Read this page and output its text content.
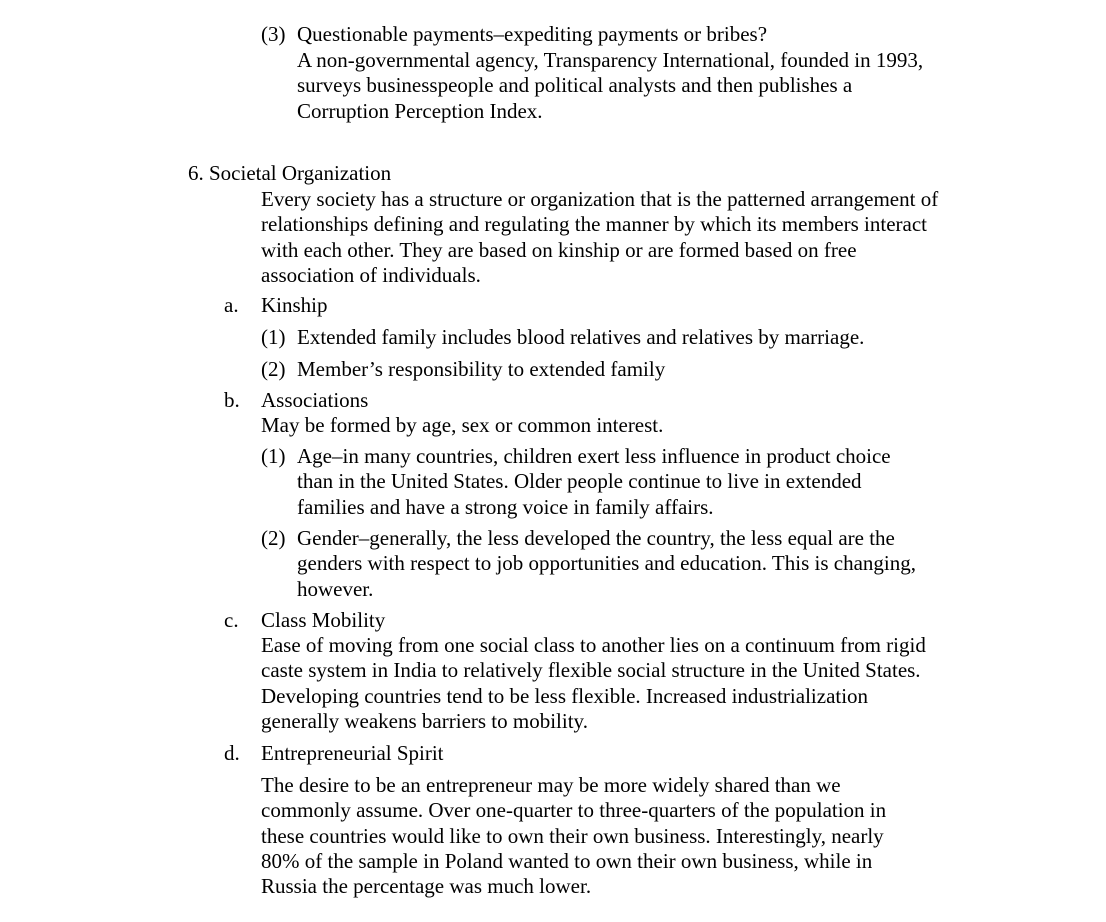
(3) Questionable payments–expediting payments or bribes?
A non-governmental agency, Transparency International, founded in 1993, surveys businesspeople and political analysts and then publishes a Corruption Perception Index.
6. Societal Organization
Every society has a structure or organization that is the patterned arrangement of relationships defining and regulating the manner by which its members interact with each other. They are based on kinship or are formed based on free association of individuals.
a. Kinship
(1) Extended family includes blood relatives and relatives by marriage.
(2) Member’s responsibility to extended family
b. Associations
May be formed by age, sex or common interest.
(1) Age–in many countries, children exert less influence in product choice than in the United States. Older people continue to live in extended families and have a strong voice in family affairs.
(2) Gender–generally, the less developed the country, the less equal are the genders with respect to job opportunities and education. This is changing, however.
c. Class Mobility
Ease of moving from one social class to another lies on a continuum from rigid caste system in India to relatively flexible social structure in the United States. Developing countries tend to be less flexible. Increased industrialization generally weakens barriers to mobility.
d. Entrepreneurial Spirit
The desire to be an entrepreneur may be more widely shared than we commonly assume. Over one-quarter to three-quarters of the population in these countries would like to own their own business. Interestingly, nearly 80% of the sample in Poland wanted to own their own business, while in Russia the percentage was much lower.
